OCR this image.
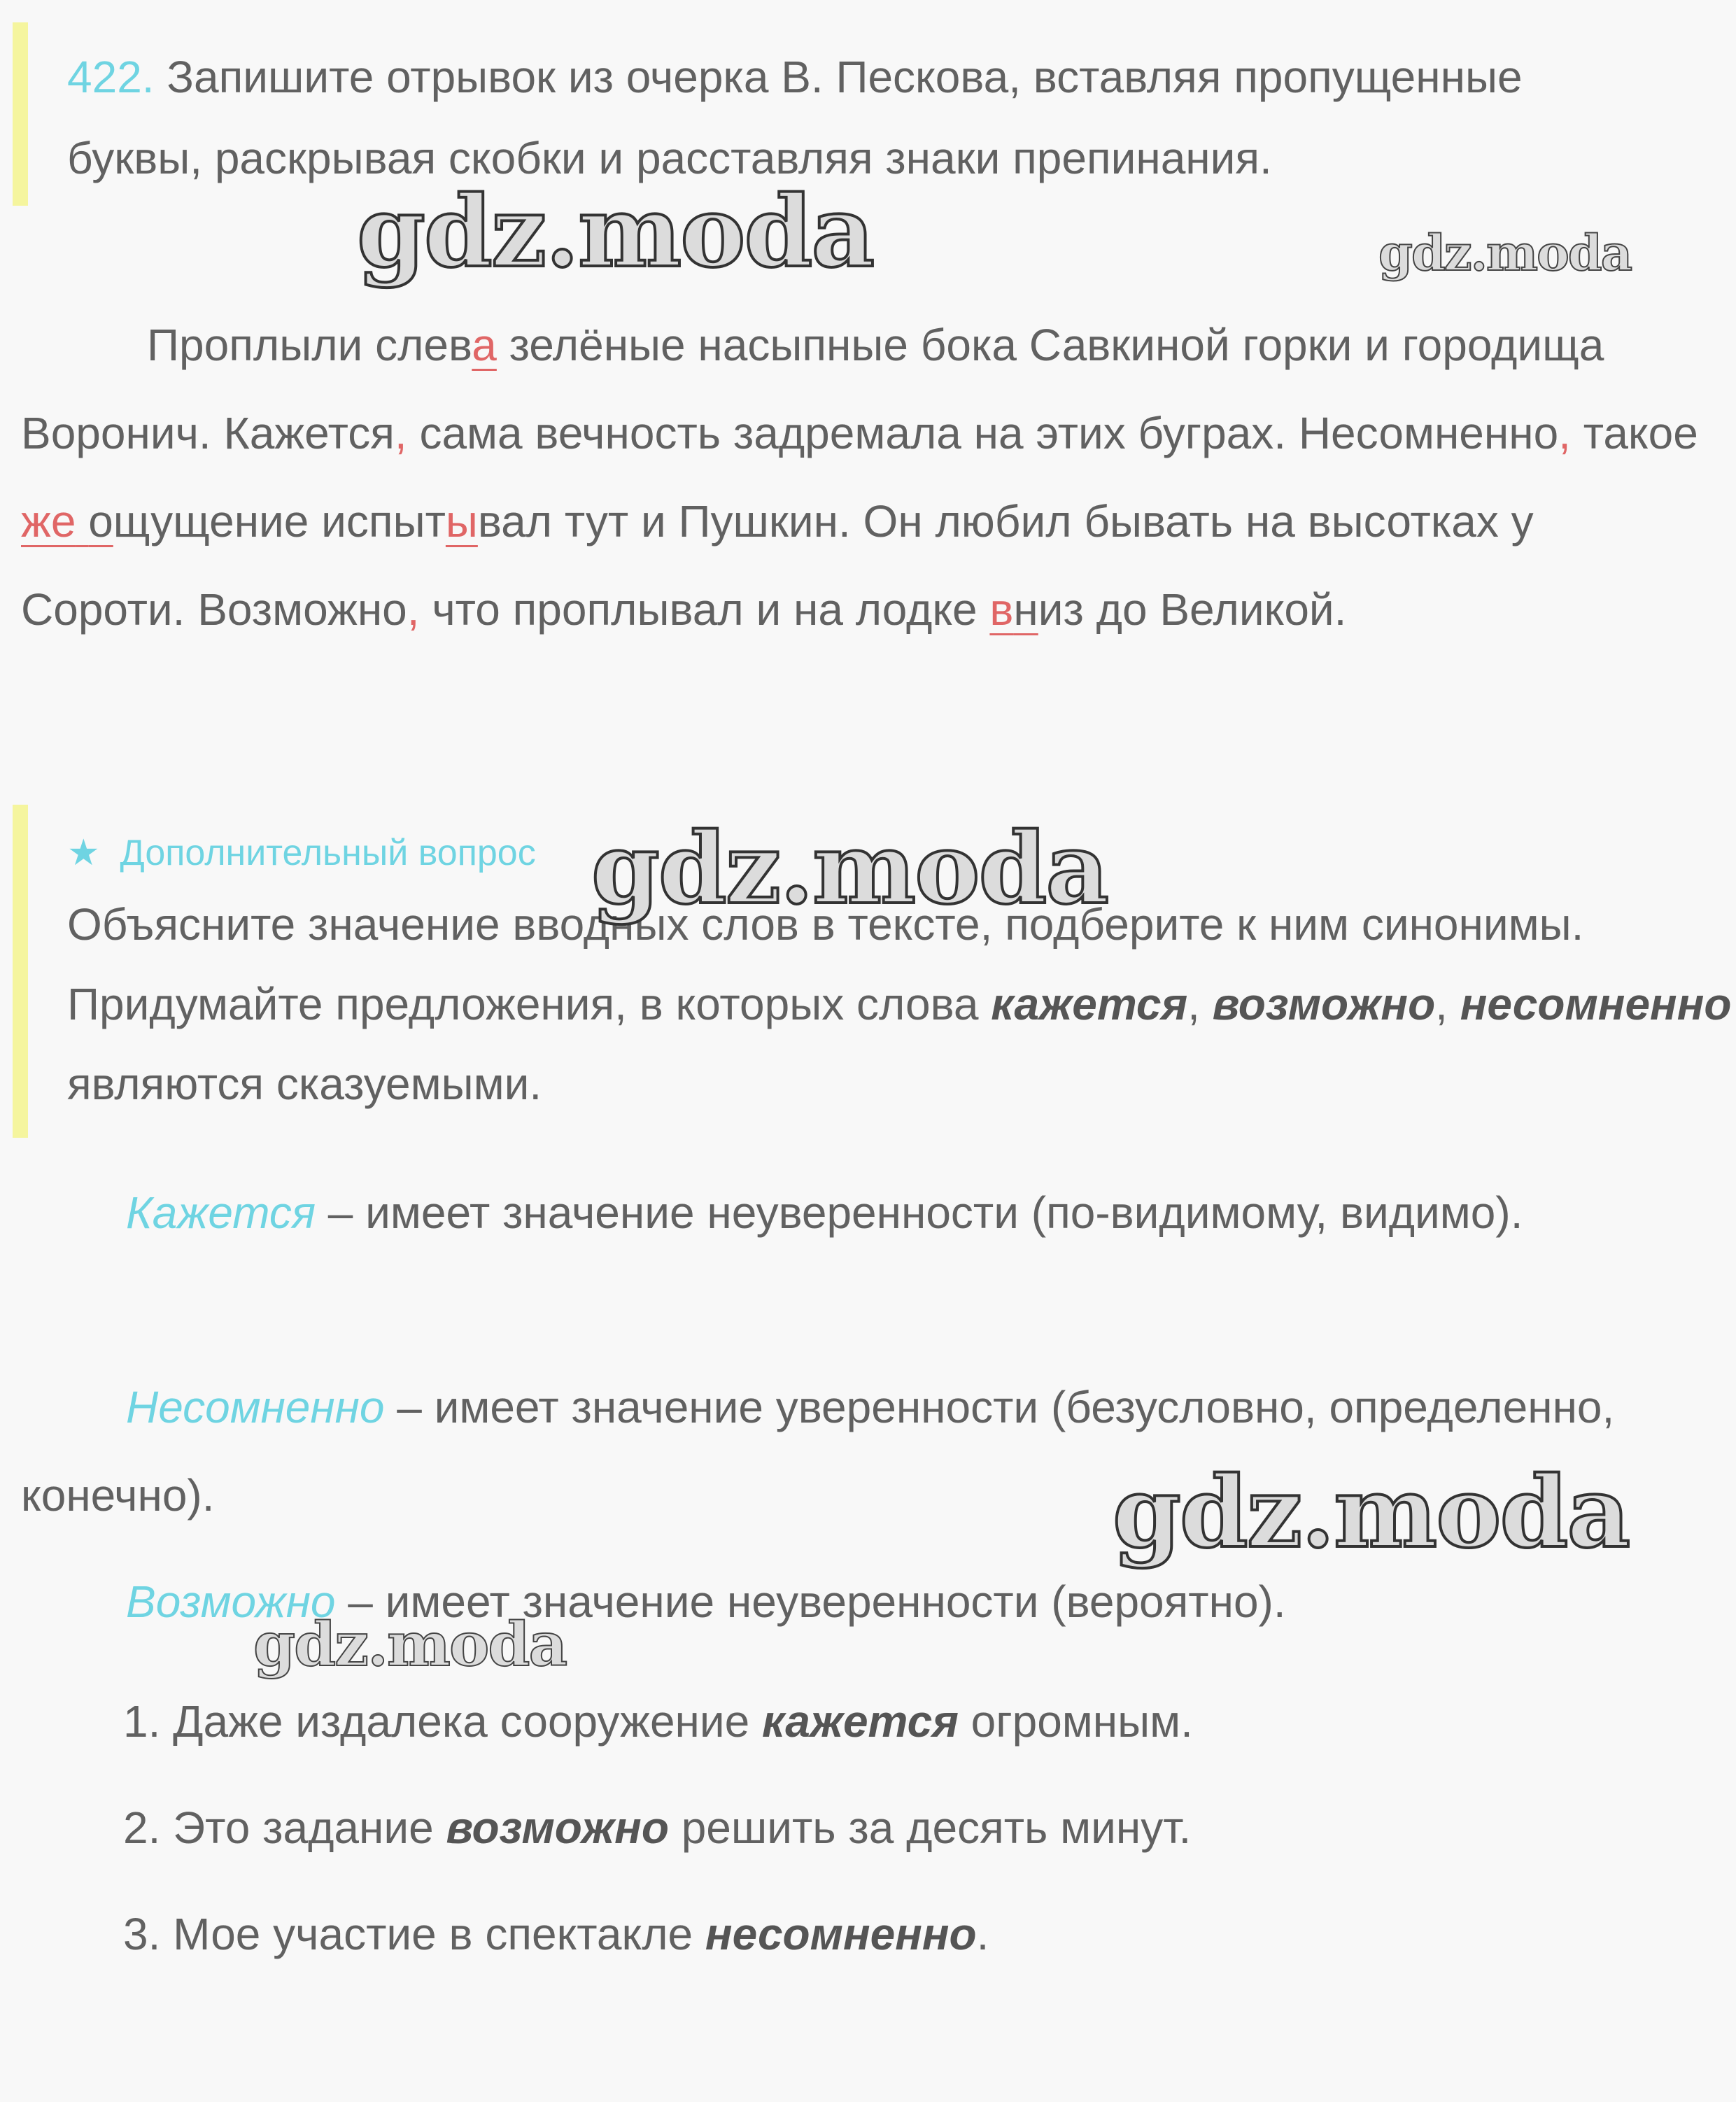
422. Запишите отрывок из очерка В. Пескова, вставляя пропущенные буквы, раскрывая скобки и расставляя знаки препинания.
Проплыли слева зелёные насыпные бока Савкиной горки и городища Воронич. Кажется, сама вечность задремала на этих буграх. Несомненно, такое же ощущение испытывал тут и Пушкин. Он любил бывать на высотках у Сороти. Возможно, что проплывал и на лодке вниз до Великой.
★ Дополнительный вопрос
Объясните значение вводных слов в тексте, подберите к ним синонимы. Придумайте предложения, в которых слова кажется, возможно, несомненно являются сказуемыми.
Кажется – имеет значение неуверенности (по-видимому, видимо).
Несомненно – имеет значение уверенности (безусловно, определенно, конечно).
Возможно – имеет значение неуверенности (вероятно).
1. Даже издалека сооружение кажется огромным.
2. Это задание возможно решить за десять минут.
3. Мое участие в спектакле несомненно.
gdz.moda	gdz.moda
gdz.moda
gdz.moda
gdz.moda
